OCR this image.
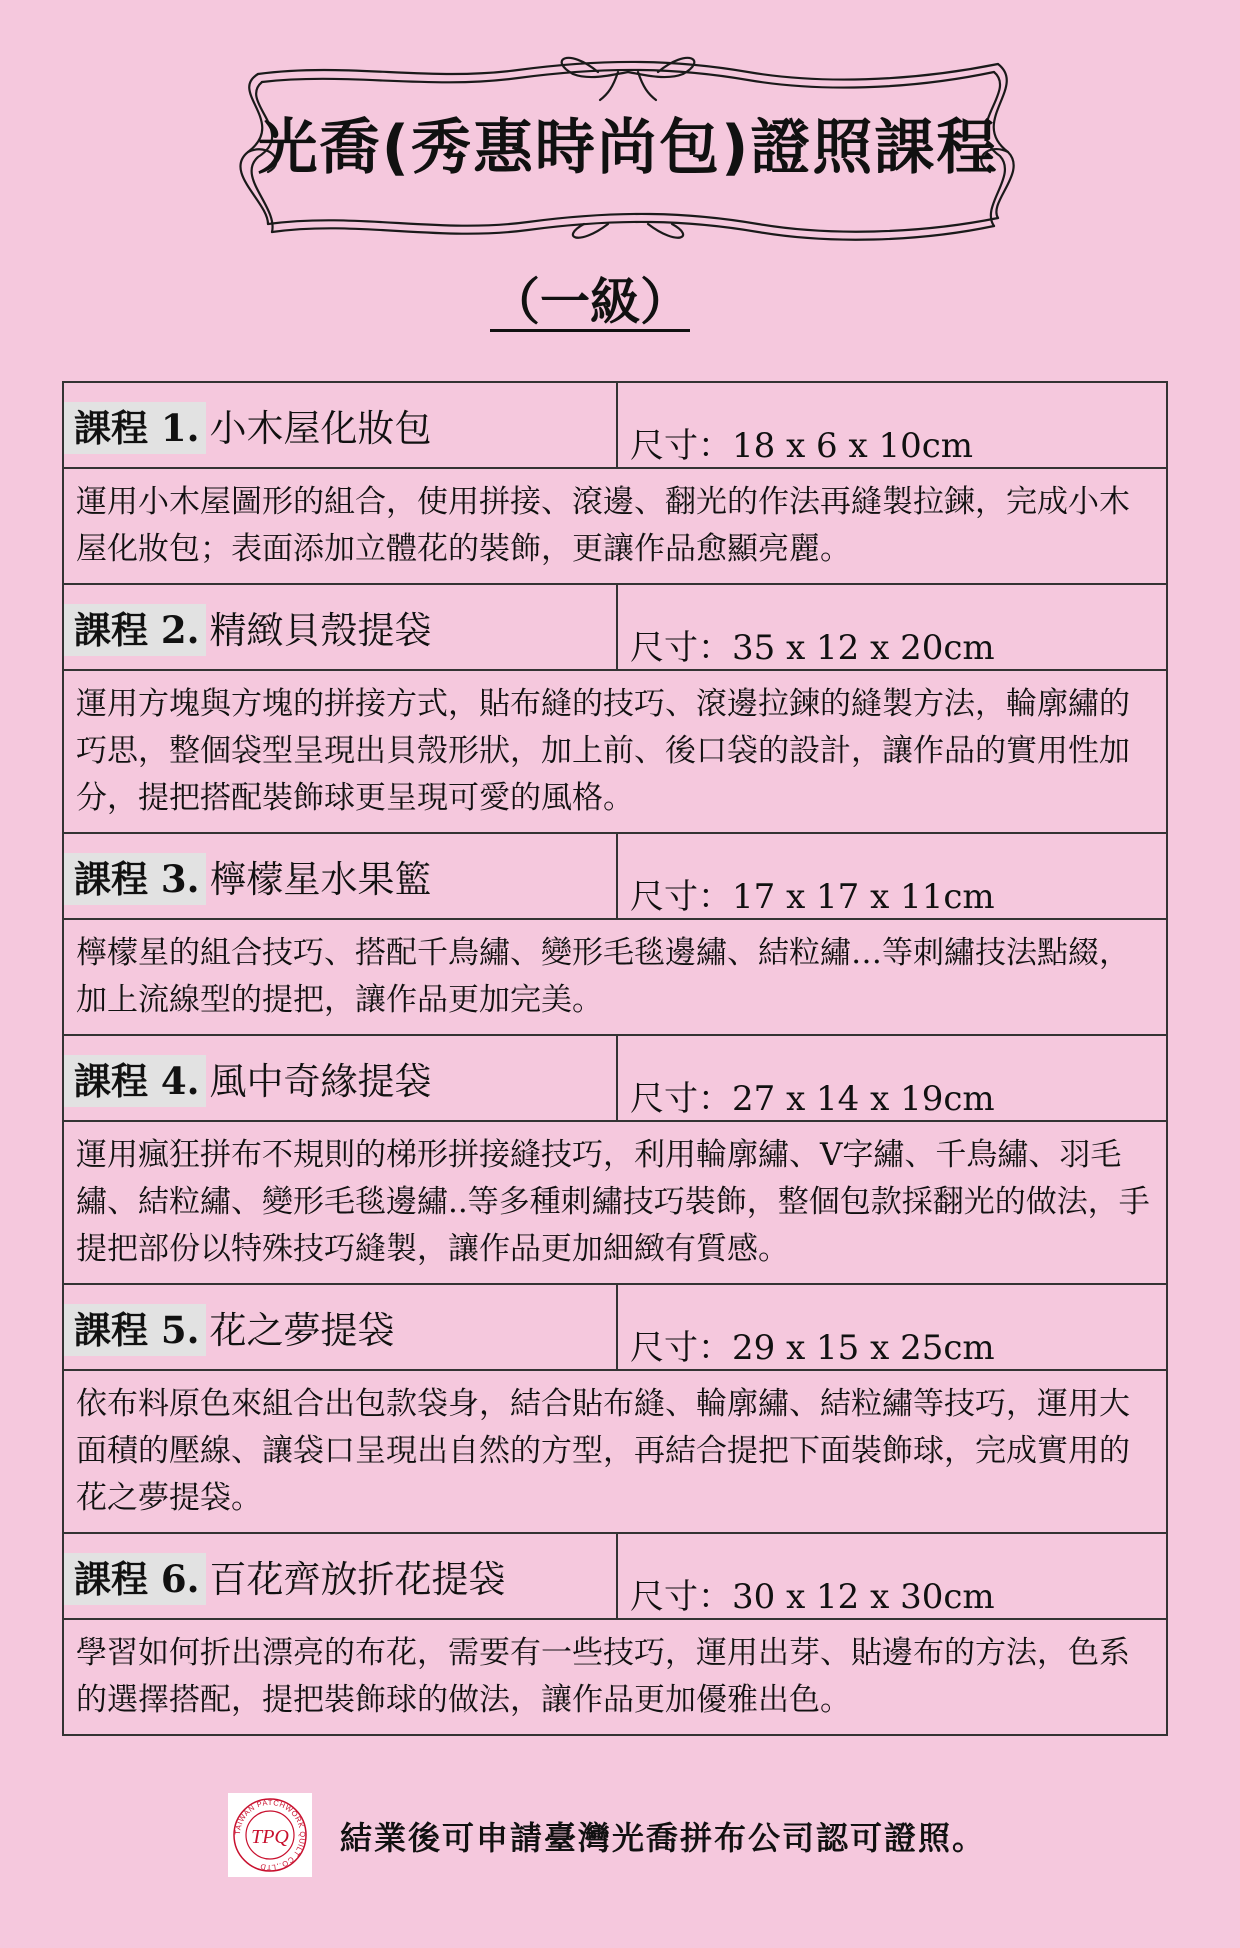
光喬(秀惠時尚包)證照課程
（一級）
課程 1. 小木屋化妝包	尺寸：18 x 6 x 10cm
運用小木屋圖形的組合，使用拼接、滾邊、翻光的作法再縫製拉鍊，完成小木屋化妝包；表面添加立體花的裝飾，更讓作品愈顯亮麗。	
課程 2. 精緻貝殼提袋	尺寸：35 x 12 x 20cm
運用方塊與方塊的拼接方式，貼布縫的技巧、滾邊拉鍊的縫製方法，輪廓繡的巧思，整個袋型呈現出貝殼形狀，加上前、後口袋的設計，讓作品的實用性加分，提把搭配裝飾球更呈現可愛的風格。	
課程 3. 檸檬星水果籃	尺寸：17 x 17 x 11cm
檸檬星的組合技巧、搭配千鳥繡、變形毛毯邊繡、結粒繡…等刺繡技法點綴，加上流線型的提把，讓作品更加完美。	
課程 4. 風中奇緣提袋	尺寸：27 x 14 x 19cm
運用瘋狂拼布不規則的梯形拼接縫技巧，利用輪廓繡、V字繡、千鳥繡、羽毛繡、結粒繡、變形毛毯邊繡..等多種刺繡技巧裝飾，整個包款採翻光的做法，手提把部份以特殊技巧縫製，讓作品更加細緻有質感。	
課程 5. 花之夢提袋	尺寸：29 x 15 x 25cm
依布料原色來組合出包款袋身，結合貼布縫、輪廓繡、結粒繡等技巧，運用大面積的壓線、讓袋口呈現出自然的方型，再結合提把下面裝飾球，完成實用的花之夢提袋。	
課程 6. 百花齊放折花提袋	尺寸：30 x 12 x 30cm
學習如何折出漂亮的布花，需要有一些技巧，運用出芽、貼邊布的方法，色系的選擇搭配，提把裝飾球的做法，讓作品更加優雅出色。	
TAIWAN PATCHWORK QUILT CO.,LTD
TPQ 結業後可申請臺灣光喬拼布公司認可證照。
